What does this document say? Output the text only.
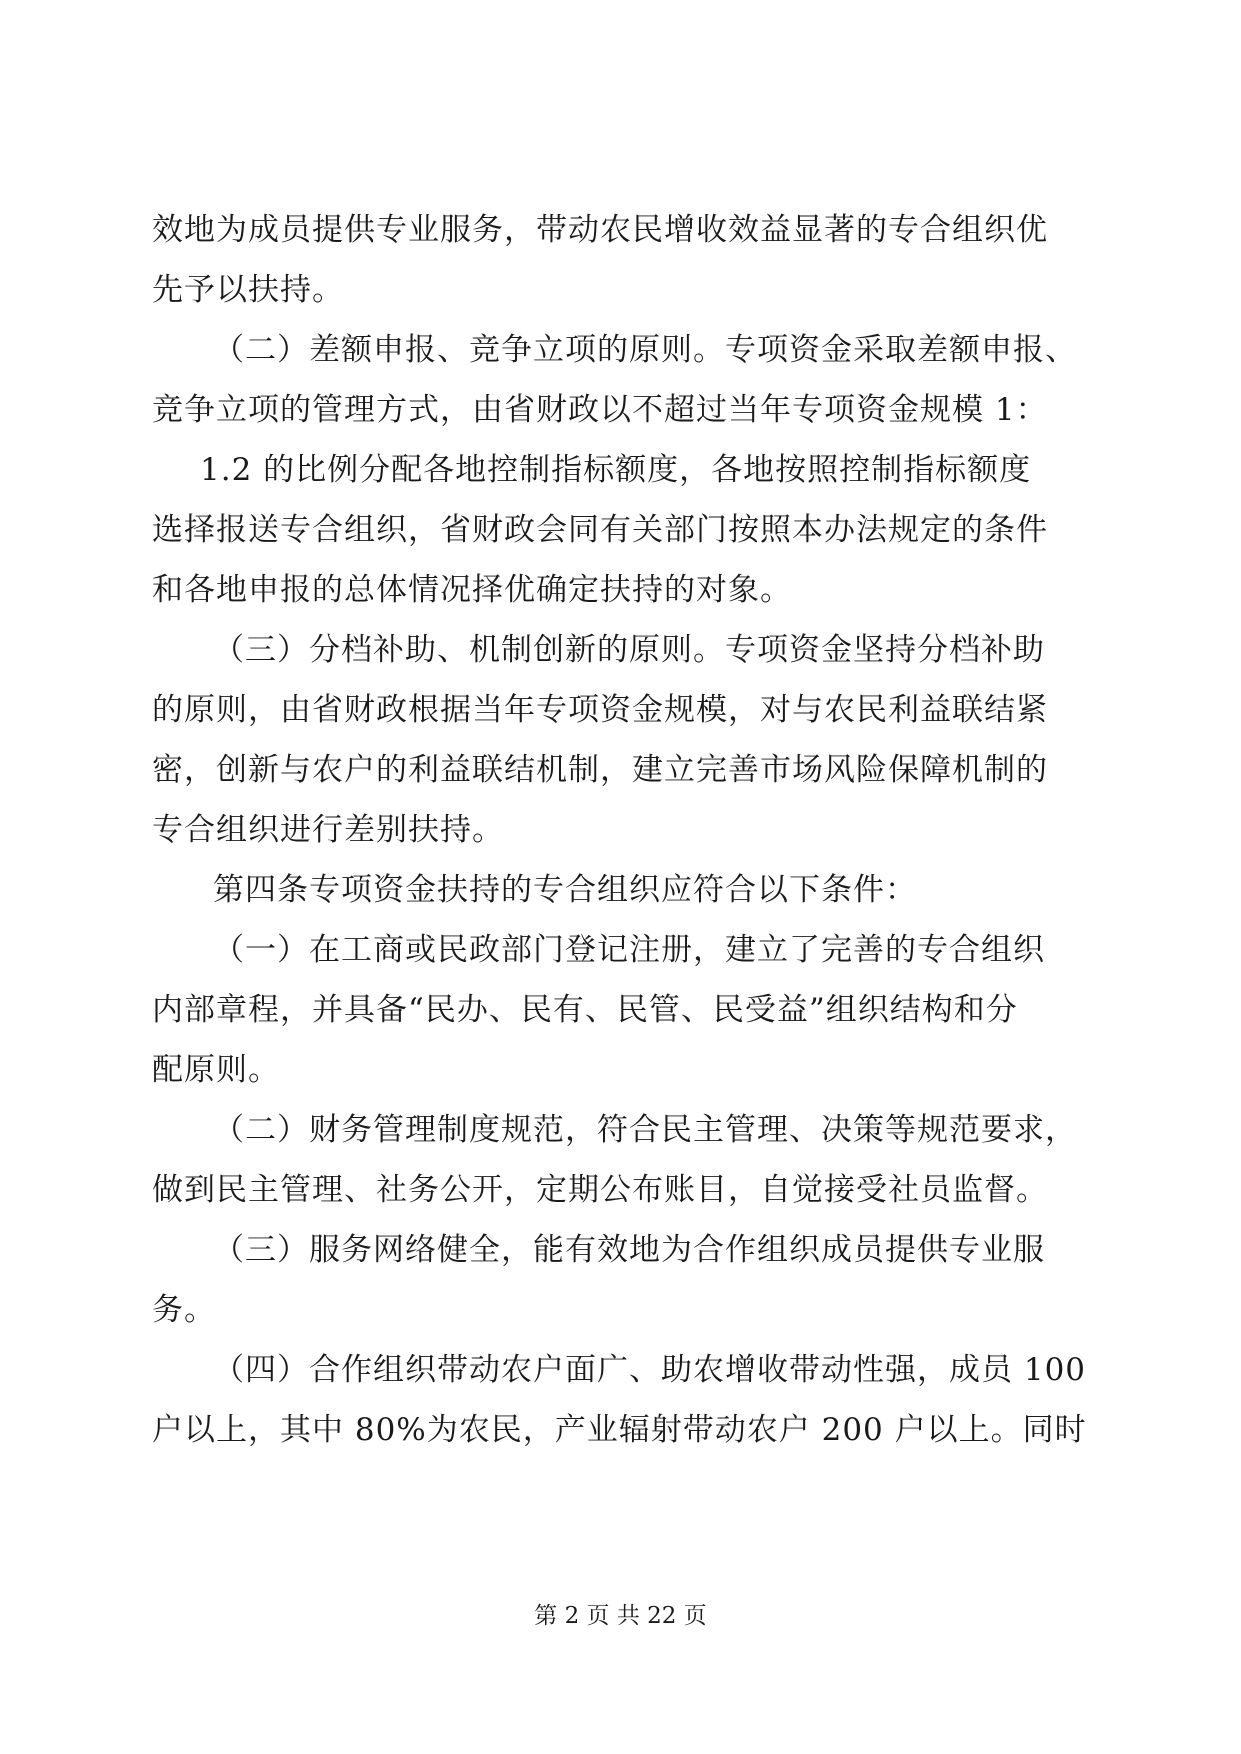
效地为成员提供专业服务，带动农民增收效益显著的专合组织优
先予以扶持。
（二）差额申报、竞争立项的原则。专项资金采取差额申报、
竞争立项的管理方式，由省财政以不超过当年专项资金规模 1：
1.2 的比例分配各地控制指标额度，各地按照控制指标额度
选择报送专合组织，省财政会同有关部门按照本办法规定的条件
和各地申报的总体情况择优确定扶持的对象。
（三）分档补助、机制创新的原则。专项资金坚持分档补助
的原则，由省财政根据当年专项资金规模，对与农民利益联结紧
密，创新与农户的利益联结机制，建立完善市场风险保障机制的
专合组织进行差别扶持。
第四条专项资金扶持的专合组织应符合以下条件：
（一）在工商或民政部门登记注册，建立了完善的专合组织
内部章程，并具备“民办、民有、民管、民受益”组织结构和分
配原则。
（二）财务管理制度规范，符合民主管理、决策等规范要求，
做到民主管理、社务公开，定期公布账目，自觉接受社员监督。
（三）服务网络健全，能有效地为合作组织成员提供专业服
务。
（四）合作组织带动农户面广、助农增收带动性强，成员 100
户以上，其中 80%为农民，产业辐射带动农户 200 户以上。同时
第 2 页 共 22 页
